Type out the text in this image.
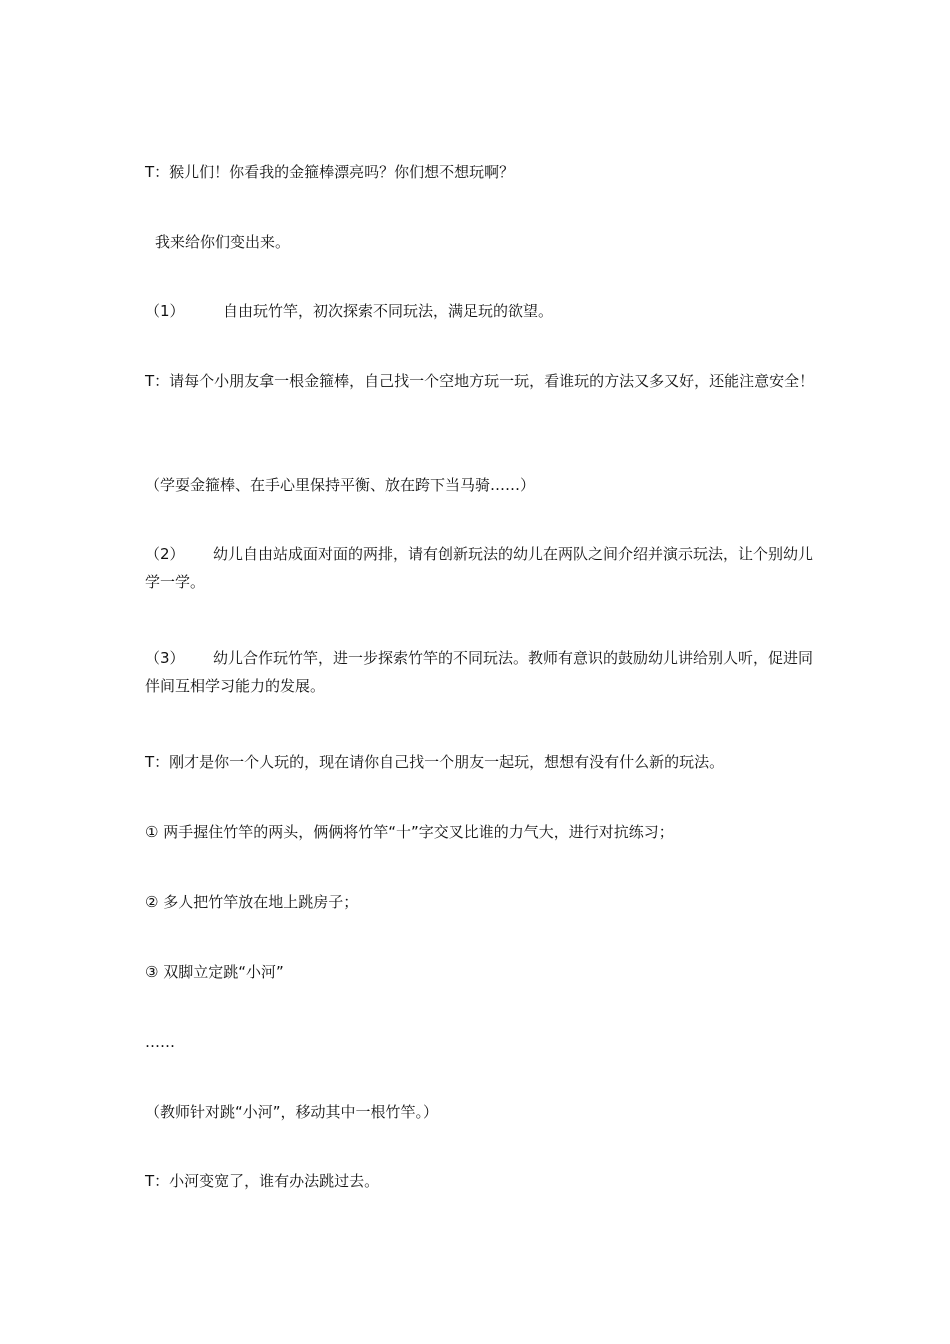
T：猴儿们！你看我的金箍棒漂亮吗？你们想不想玩啊？
我来给你们变出来。
（1）	自由玩竹竿，初次探索不同玩法，满足玩的欲望。
T：请每个小朋友拿一根金箍棒，自己找一个空地方玩一玩，看谁玩的方法又多又好，还能注意安全！
（学耍金箍棒、在手心里保持平衡、放在跨下当马骑……）
（2） 幼儿自由站成面对面的两排，请有创新玩法的幼儿在两队之间介绍并演示玩法，让个别幼儿学一学。
（3） 幼儿合作玩竹竿，进一步探索竹竿的不同玩法。教师有意识的鼓励幼儿讲给别人听，促进同伴间互相学习能力的发展。
T：刚才是你一个人玩的，现在请你自己找一个朋友一起玩，想想有没有什么新的玩法。
① 两手握住竹竿的两头，俩俩将竹竿“十”字交叉比谁的力气大，进行对抗练习；
② 多人把竹竿放在地上跳房子；
③ 双脚立定跳“小河”
……
（教师针对跳“小河”，移动其中一根竹竿。）
T：小河变宽了，谁有办法跳过去。
